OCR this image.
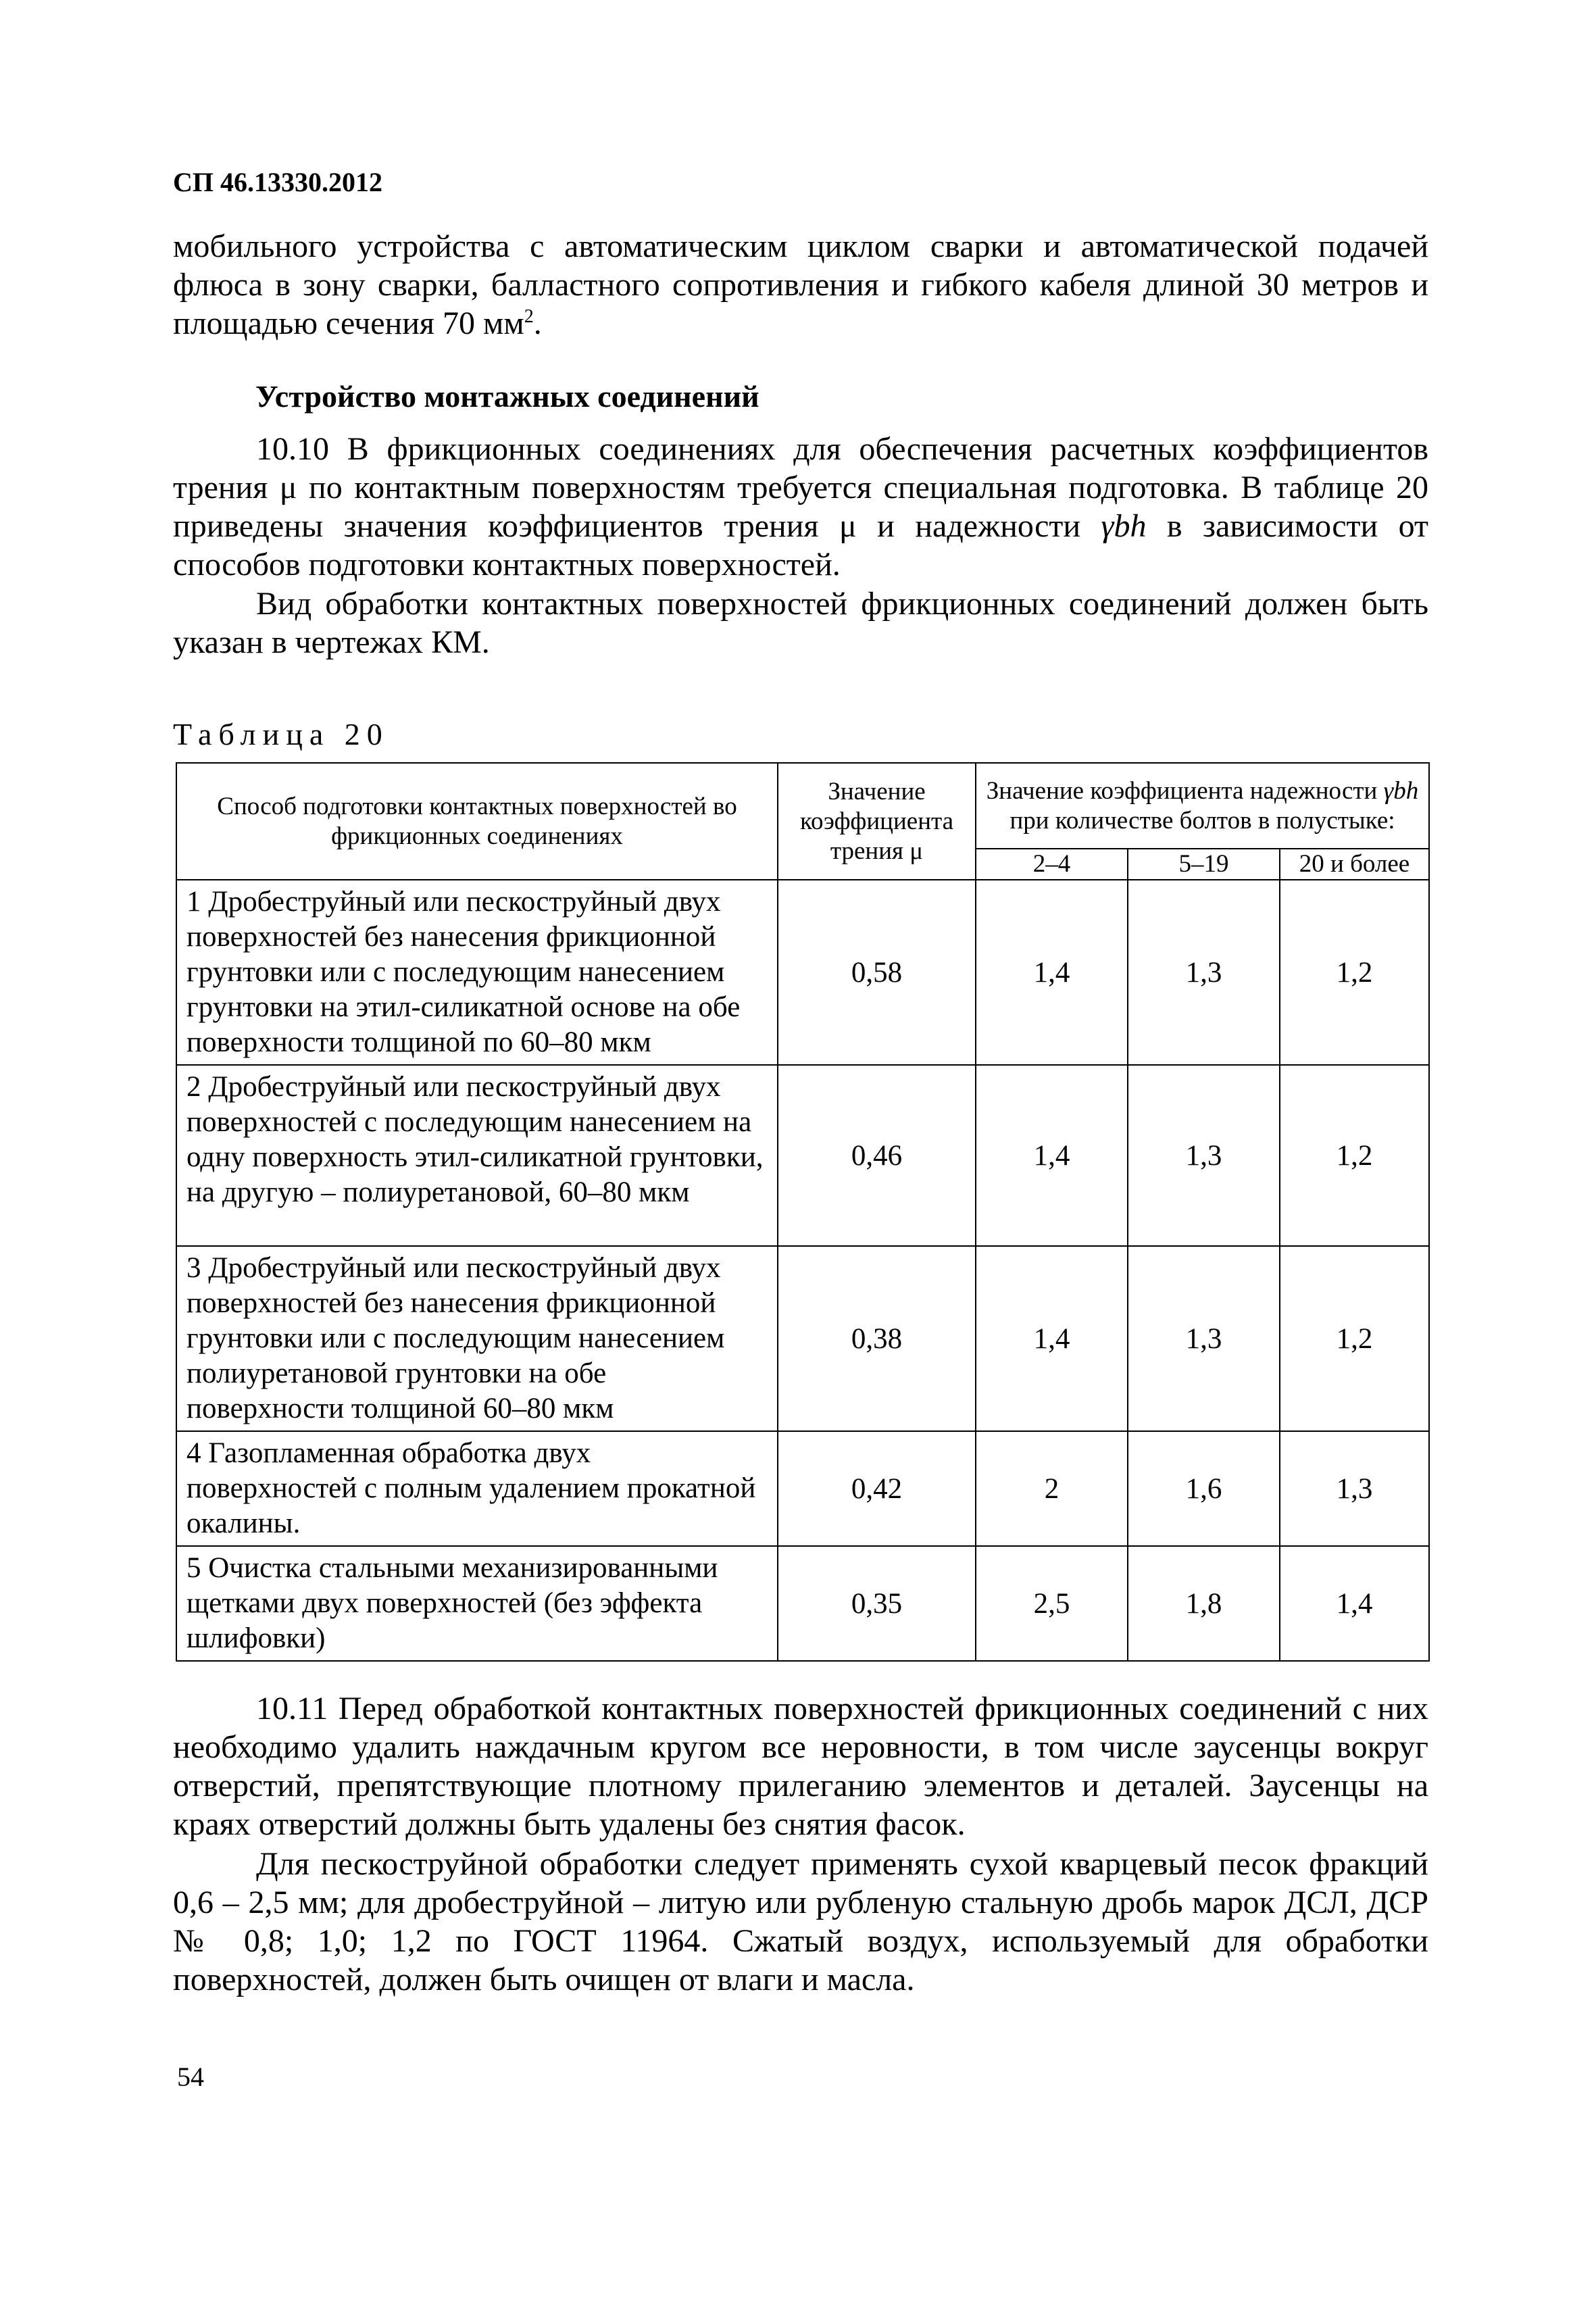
СП 46.13330.2012

мобильного устройства с автоматическим циклом сварки и автоматической подачей флюса в зону сварки, балластного сопротивления и гибкого кабеля длиной 30 метров и площадью сечения 70 $мм^2$.

Устройство монтажных соединений

10.10 В фрикционных соединениях для обеспечения расчетных коэффициентов трения μ по контактным поверхностям требуется специальная подготовка. В таблице 20 приведены значения коэффициентов трения μ и надежности γbh в зависимости от способов подготовки контактных поверхностей.

Вид обработки контактных поверхностей фрикционных соединений должен быть указан в чертежах КМ.

Таблица 20
Способ подготовки контактных поверхностей во фрикционных соединениях	Значение коэффициента трения μ	Значение коэффициента надежности γbh при количестве болтов в полустыке:		
		2–4	5–19	20 и более
1 Дробеструйный или пескоструйный двух поверхностей без нанесения фрикционной грунтовки или с последующим нанесением грунтовки на этил-силикатной основе на обе поверхности толщиной по 60–80 мкм	0,58	1,4	1,3	1,2
2 Дробеструйный или пескоструйный двух поверхностей с последующим нанесением на одну поверхность этил-силикатной грунтовки, на другую – полиуретановой, 60–80 мкм	0,46	1,4	1,3	1,2
3 Дробеструйный или пескоструйный двух поверхностей без нанесения фрикционной грунтовки или с последующим нанесением полиуретановой грунтовки на обе поверхности толщиной 60–80 мкм	0,38	1,4	1,3	1,2
4 Газопламенная обработка двух поверхностей с полным удалением прокатной окалины.	0,42	2	1,6	1,3
5 Очистка стальными механизированными щетками двух поверхностей (без эффекта шлифовки)	0,35	2,5	1,8	1,4

10.11 Перед обработкой контактных поверхностей фрикционных соединений с них необходимо удалить наждачным кругом все неровности, в том числе заусенцы вокруг отверстий, препятствующие плотному прилеганию элементов и деталей. Заусенцы на краях отверстий должны быть удалены без снятия фасок.

Для пескоструйной обработки следует применять сухой кварцевый песок фракций 0,6 – 2,5 мм; для дробеструйной – литую или рубленую стальную дробь марок ДСЛ, ДСР № 0,8; 1,0; 1,2 по ГОСТ 11964. Сжатый воздух, используемый для обработки поверхностей, должен быть очищен от влаги и масла.

54
